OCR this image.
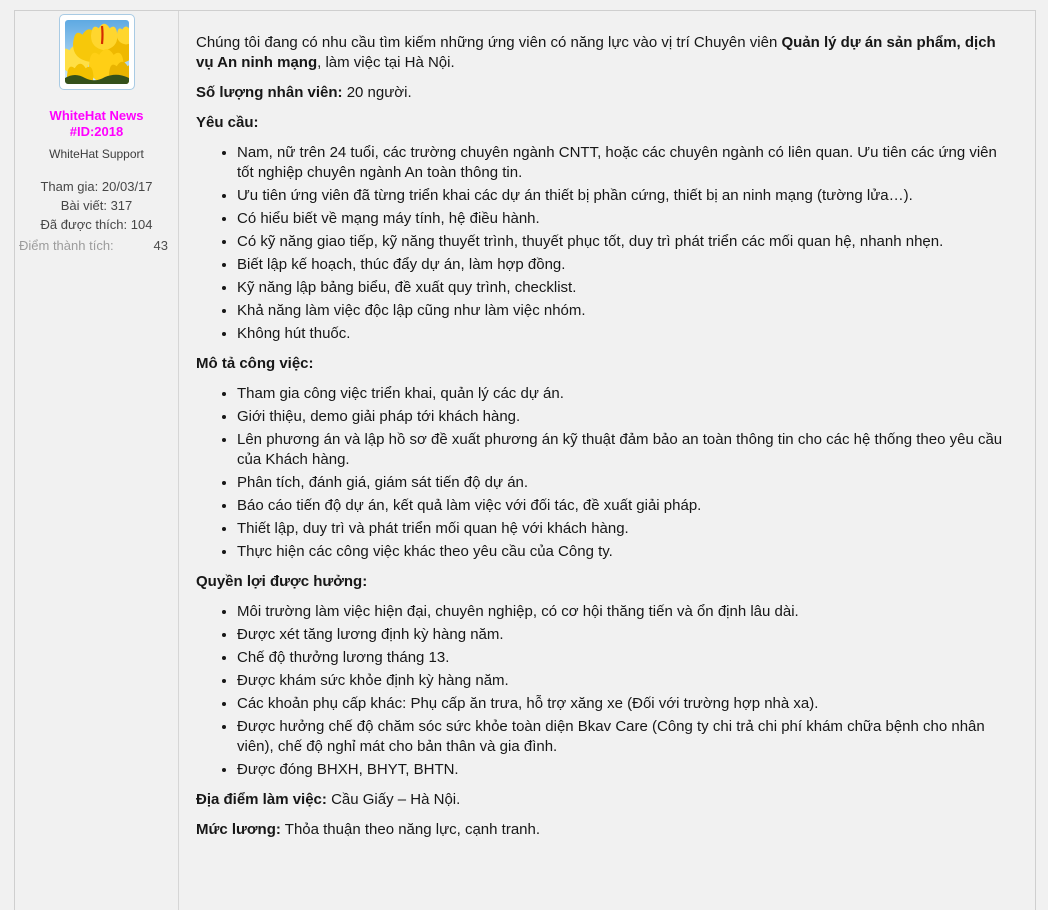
WhiteHat News
#ID:2018
WhiteHat Support
Tham gia: 20/03/17
Bài viết: 317
Đã được thích: 104
Điểm thành tích:	43

Chúng tôi đang có nhu cầu tìm kiếm những ứng viên có năng lực vào vị trí Chuyên viên Quản lý dự án sản phẩm, dịch vụ An ninh mạng, làm việc tại Hà Nội.

Số lượng nhân viên: 20 người.

Yêu cầu:

• Nam, nữ trên 24 tuổi, các trường chuyên ngành CNTT, hoặc các chuyên ngành có liên quan. Ưu tiên các ứng viên tốt nghiệp chuyên ngành An toàn thông tin.
• Ưu tiên ứng viên đã từng triển khai các dự án thiết bị phần cứng, thiết bị an ninh mạng (tường lửa…).
• Có hiểu biết về mạng máy tính, hệ điều hành.
• Có kỹ năng giao tiếp, kỹ năng thuyết trình, thuyết phục tốt, duy trì phát triển các mối quan hệ, nhanh nhẹn.
• Biết lập kế hoạch, thúc đẩy dự án, làm hợp đồng.
• Kỹ năng lập bảng biểu, đề xuất quy trình, checklist.
• Khả năng làm việc độc lập cũng như làm việc nhóm.
• Không hút thuốc.

Mô tả công việc:

• Tham gia công việc triển khai, quản lý các dự án.
• Giới thiệu, demo giải pháp tới khách hàng.
• Lên phương án và lập hồ sơ đề xuất phương án kỹ thuật đảm bảo an toàn thông tin cho các hệ thống theo yêu cầu của Khách hàng.
• Phân tích, đánh giá, giám sát tiến độ dự án.
• Báo cáo tiến độ dự án, kết quả làm việc với đối tác, đề xuất giải pháp.
• Thiết lập, duy trì và phát triển mối quan hệ với khách hàng.
• Thực hiện các công việc khác theo yêu cầu của Công ty.

Quyền lợi được hưởng:

• Môi trường làm việc hiện đại, chuyên nghiệp, có cơ hội thăng tiến và ổn định lâu dài.
• Được xét tăng lương định kỳ hàng năm.
• Chế độ thưởng lương tháng 13.
• Được khám sức khỏe định kỳ hàng năm.
• Các khoản phụ cấp khác: Phụ cấp ăn trưa, hỗ trợ xăng xe (Đối với trường hợp nhà xa).
• Được hưởng chế độ chăm sóc sức khỏe toàn diện Bkav Care (Công ty chi trả chi phí khám chữa bệnh cho nhân viên), chế độ nghỉ mát cho bản thân và gia đình.
• Được đóng BHXH, BHYT, BHTN.

Địa điểm làm việc: Cầu Giấy – Hà Nội.

Mức lương: Thỏa thuận theo năng lực, cạnh tranh.
